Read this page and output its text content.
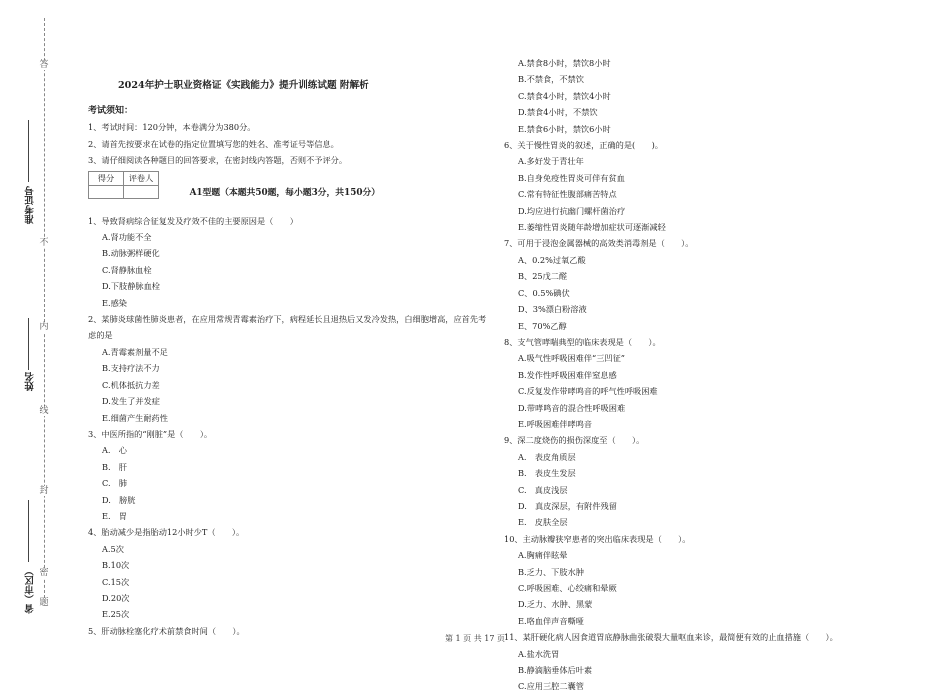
答
题
不
内
线
封
密
准考证号
姓名
省（市区）
2024年护士职业资格证《实践能力》提升训练试题 附解析
考试须知：
1、考试时间：120分钟，本卷满分为380分。
2、请首先按要求在试卷的指定位置填写您的姓名、准考证号等信息。
3、请仔细阅读各种题目的回答要求，在密封线内答题，否则不予评分。
得分	评卷人
	A1型题（本题共50题，每小题3分，共150分）
1、导致肾病综合征复发及疗效不佳的主要原因是（　　）
A.肾功能不全
B.动脉粥样硬化
C.肾静脉血栓
D.下肢静脉血栓
E.感染
2、某肺炎球菌性肺炎患者，在应用常规青霉素治疗下，病程延长且退热后又发冷发热，白细胞增高，应首先考虑的是
A.青霉素剂量不足
B.支持疗法不力
C.机体抵抗力差
D.发生了并发症
E.细菌产生耐药性
3、中医所指的“刚脏”是（　　）。
A.　心
B.　肝
C.　肺
D.　膀胱
E.　胃
4、胎动减少是指胎动12小时少T（　　）。
A.5次
B.10次
C.15次
D.20次
E.25次
5、肝动脉栓塞化疗术前禁食时间（　　）。
A.禁食8小时，禁饮8小时
B.不禁食，不禁饮
C.禁食4小时，禁饮4小时
D.禁食4小时，不禁饮
E.禁食6小时，禁饮6小时
6、关于慢性胃炎的叙述，正确的是(　　)。
A.多好发于青壮年
B.自身免疫性胃炎可伴有贫血
C.常有特征性腹部痛苦特点
D.均应进行抗幽门螺杆菌治疗
E.萎缩性胃炎随年龄增加症状可逐渐减轻
7、可用于浸泡金属器械的高效类消毒剂是（　　）。
A、0.2%过氧乙酸
B、25戊二醛
C、0.5%碘伏
D、3%漂白粉溶液
E、70%乙醇
8、支气管哮喘典型的临床表现是（　　）。
A.吸气性呼吸困难伴“三凹征”
B.发作性呼吸困难伴窒息感
C.反复发作带哮鸣音的呼气性呼吸困难
D.带哮鸣音的混合性呼吸困难
E.呼吸困难伴哮鸣音
9、深二度烧伤的损伤深度至（　　）。
A.　表皮角质层
B.　表皮生发层
C.　真皮浅层
D.　真皮深层，有附件残留
E.　皮肤全层
10、主动脉瓣狭窄患者的突出临床表现是（　　）。
A.胸痛伴眩晕
B.乏力、下肢水肿
C.呼吸困难、心绞痛和晕厥
D.乏力、水肿、黑蒙
E.咯血伴声音嘶哑
11、某肝硬化病人因食道胃底静脉曲张破裂大量呕血来诊，最简便有效的止血措施（　　）。
A.盐水洗胃
B.静滴脑垂体后叶素
C.应用三腔二囊管
第 1 页 共 17 页
